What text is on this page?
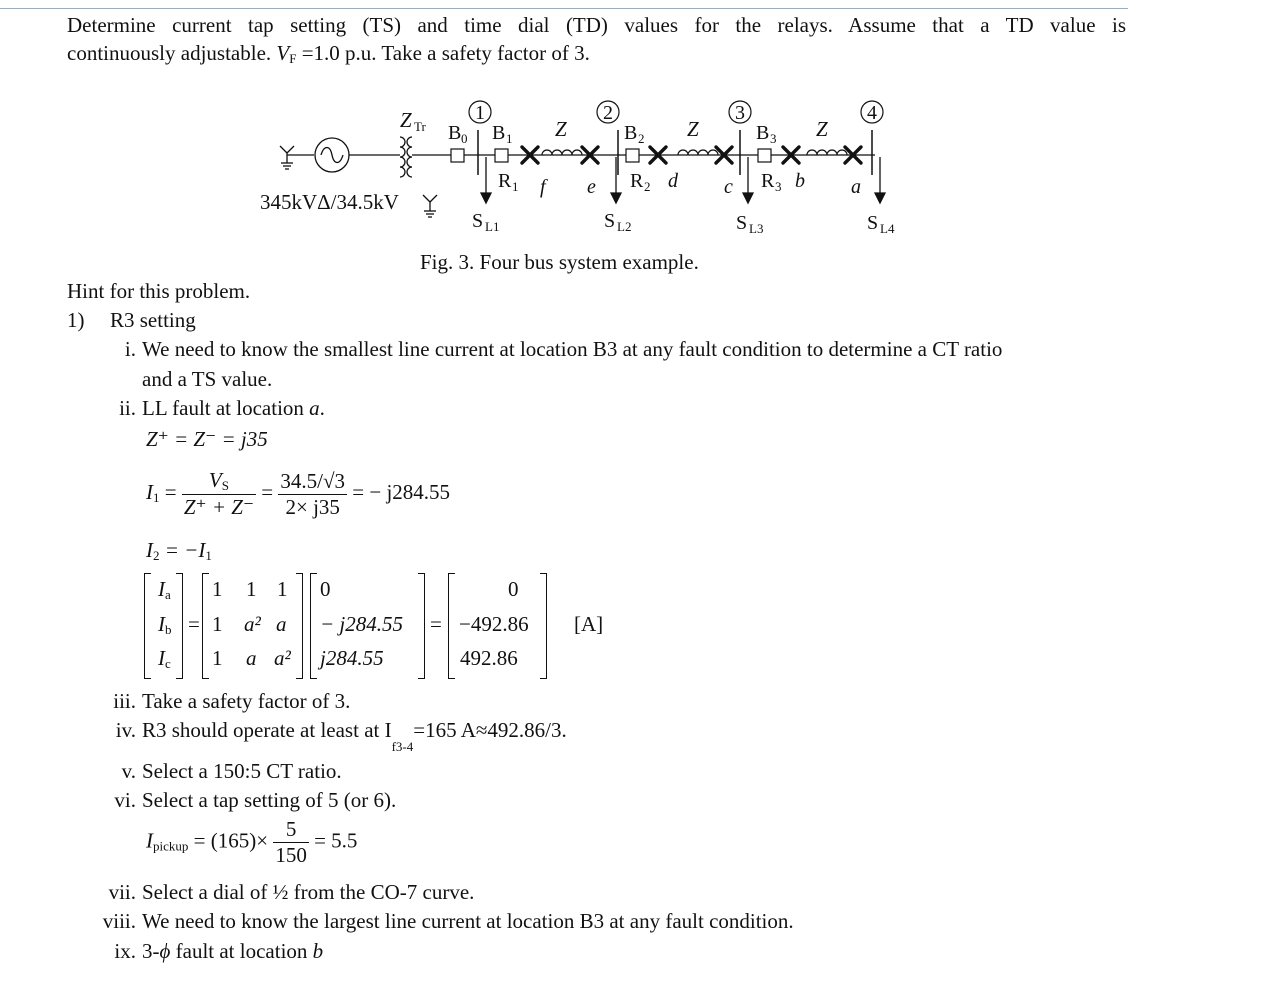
Determine current tap setting (TS) and time dial (TD) values for the relays. Assume that a TD value is
continuously adjustable. $V_F =1.0$ p.u. Take a safety factor of 3.
Z Tr
345kVΔ/34.5kV
1	2	3	4
B 0 B 1	B 2	B 3
Z	Z	Z
f e	d c	b a
R 1	R 2	R 3
S L1	S L2	S L3	S L4
Fig. 3. Four bus system example.
Hint for this problem.
1) R3 setting
i. We need to know the smallest line current at location B3 at any fault condition to determine a CT ratio
and a TS value.
ii. LL fault at location a.
Z⁺ = Z⁻ = j35
$I_1 = \frac{V_S}{Z^+ + Z^-} = \frac{34.5/√3}{2\times j35}$ = − j284.55
$I_2 = -I_1$
$I_a$
$I_b$
$I_c$
=
1 1 1
1 a² a
1 a a²
0
− j284.55
j284.55
=
0
−492.86
492.86
[A]
iii. Take a safety factor of 3.
iv. R3 should operate at least at $I_{f3-4}=165$ A≈492.86/3.
v. Select a 150:5 CT ratio.
vi. Select a tap setting of 5 (or 6).
$I_{pickup} = (165)\times \frac{5}{150} = 5.5$
vii. Select a dial of ½ from the CO-7 curve.
viii. We need to know the largest line current at location B3 at any fault condition.
ix. 3-ϕ fault at location b
